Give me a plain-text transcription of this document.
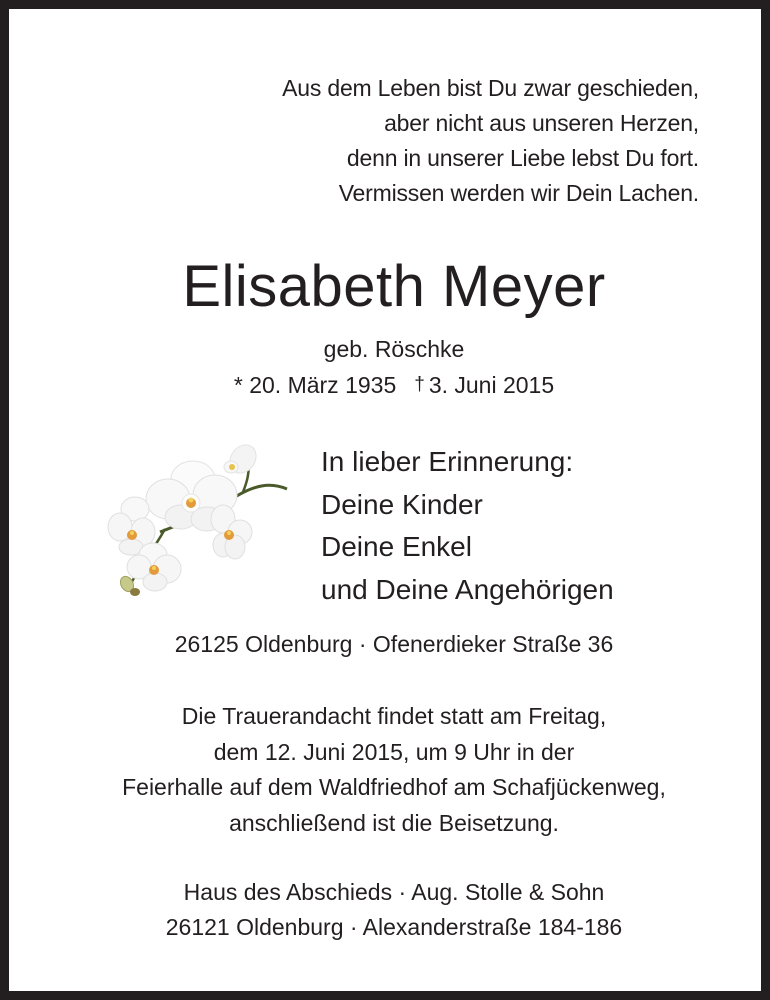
Aus dem Leben bist Du zwar geschieden,
aber nicht aus unseren Herzen,
denn in unserer Liebe lebst Du fort.
Vermissen werden wir Dein Lachen.
Elisabeth Meyer
geb. Röschke
* 20. März 1935 † 3. Juni 2015
In lieber Erinnerung:
Deine Kinder
Deine Enkel
und Deine Angehörigen
26125 Oldenburg · Ofenerdieker Straße 36
Die Trauerandacht findet statt am Freitag,
dem 12. Juni 2015, um 9 Uhr in der
Feierhalle auf dem Waldfriedhof am Schafjückenweg,
anschließend ist die Beisetzung.
Haus des Abschieds · Aug. Stolle & Sohn
26121 Oldenburg · Alexanderstraße 184-186
